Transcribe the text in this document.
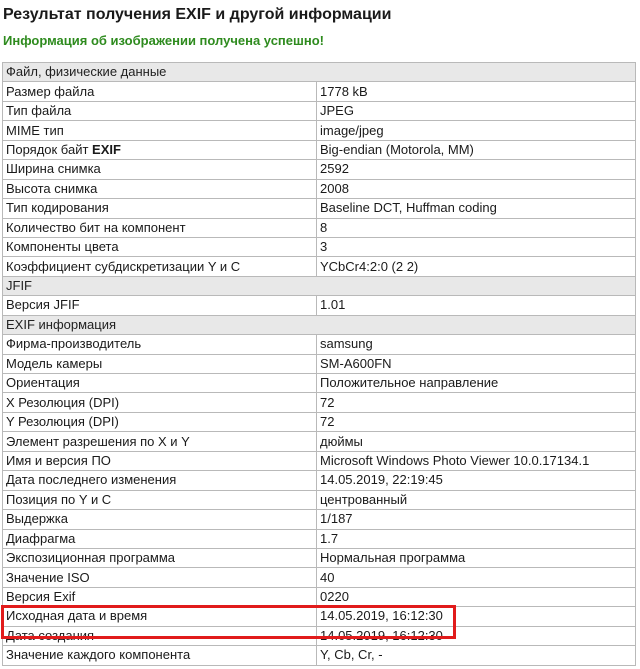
Результат получения EXIF и другой информации

Информация об изображении получена успешно!

Файл, физические данные	
Размер файла	1778 kB
Тип файла	JPEG
MIME тип	image/jpeg
Порядок байт EXIF	Big-endian (Motorola, MM)
Ширина снимка	2592
Высота снимка	2008
Тип кодирования	Baseline DCT, Huffman coding
Количество бит на компонент	8
Компоненты цвета	3
Коэффициент субдискретизации Y и C	YCbCr4:2:0 (2 2)
JFIF	
Версия JFIF	1.01
EXIF информация	
Фирма-производитель	samsung
Модель камеры	SM-A600FN
Ориентация	Положительное направление
X Резолюция (DPI)	72
Y Резолюция (DPI)	72
Элемент разрешения по X и Y	дюймы
Имя и версия ПО	Microsoft Windows Photo Viewer 10.0.17134.1
Дата последнего изменения	14.05.2019, 22:19:45
Позиция по Y и C	центрованный
Выдержка	1/187
Диафрагма	1.7
Экспозиционная программа	Нормальная программа
Значение ISO	40
Версия Exif	0220
Исходная дата и время	14.05.2019, 16:12:30
Дата создания	14.05.2019, 16:12:30
Значение каждого компонента	Y, Cb, Cr, -
